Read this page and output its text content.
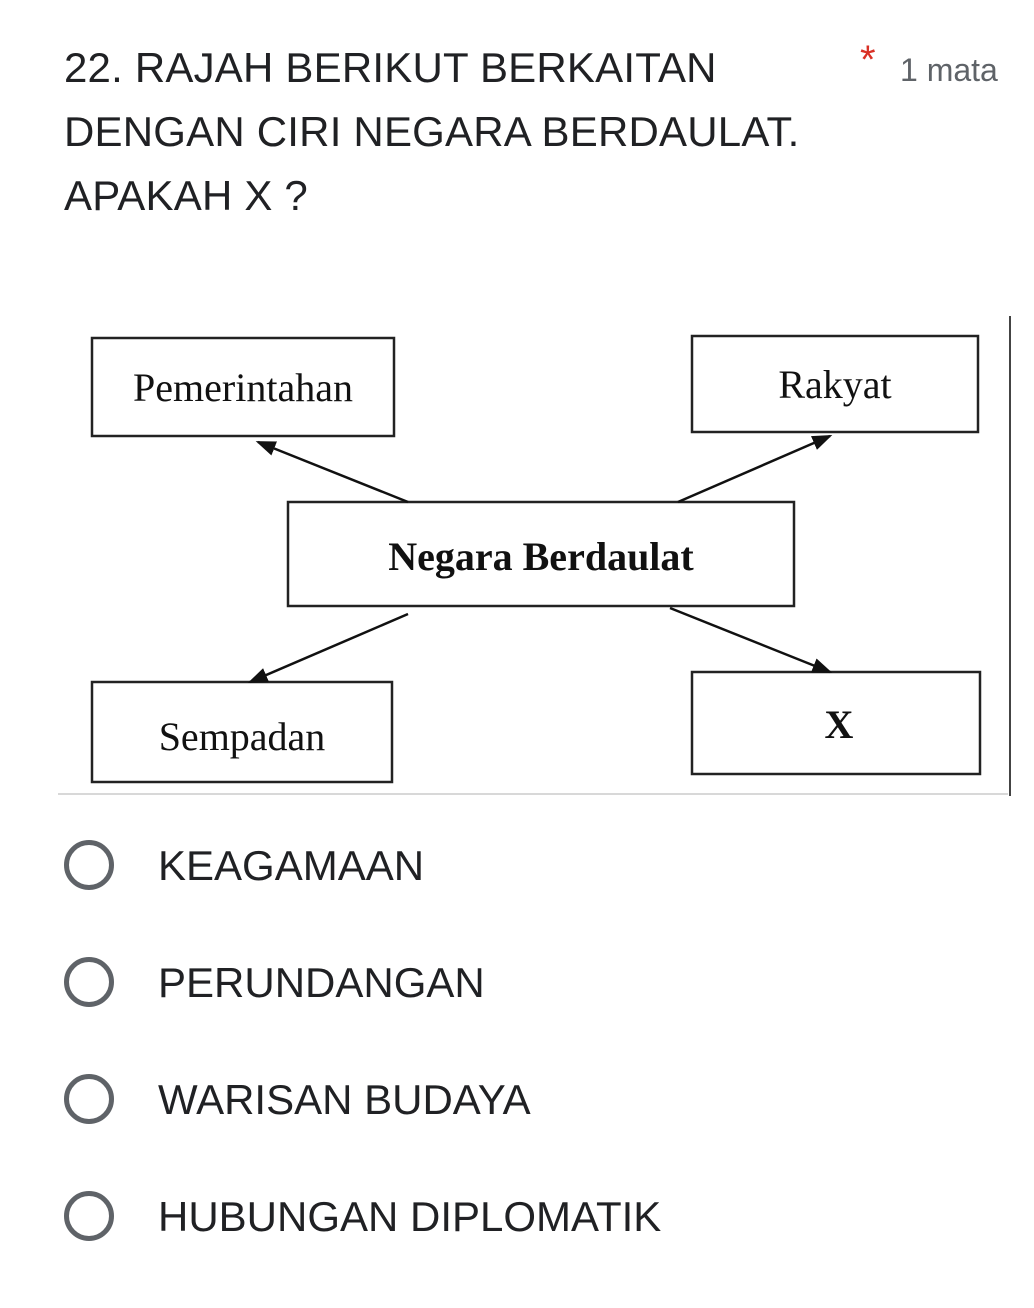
22. RAJAH BERIKUT BERKAITAN
DENGAN CIRI NEGARA BERDAULAT.
APAKAH X ?
* 1 mata
Pemerintahan	Rakyat
Negara Berdaulat
Sempadan	X
KEAGAMAAN
PERUNDANGAN
WARISAN BUDAYA
HUBUNGAN DIPLOMATIK
